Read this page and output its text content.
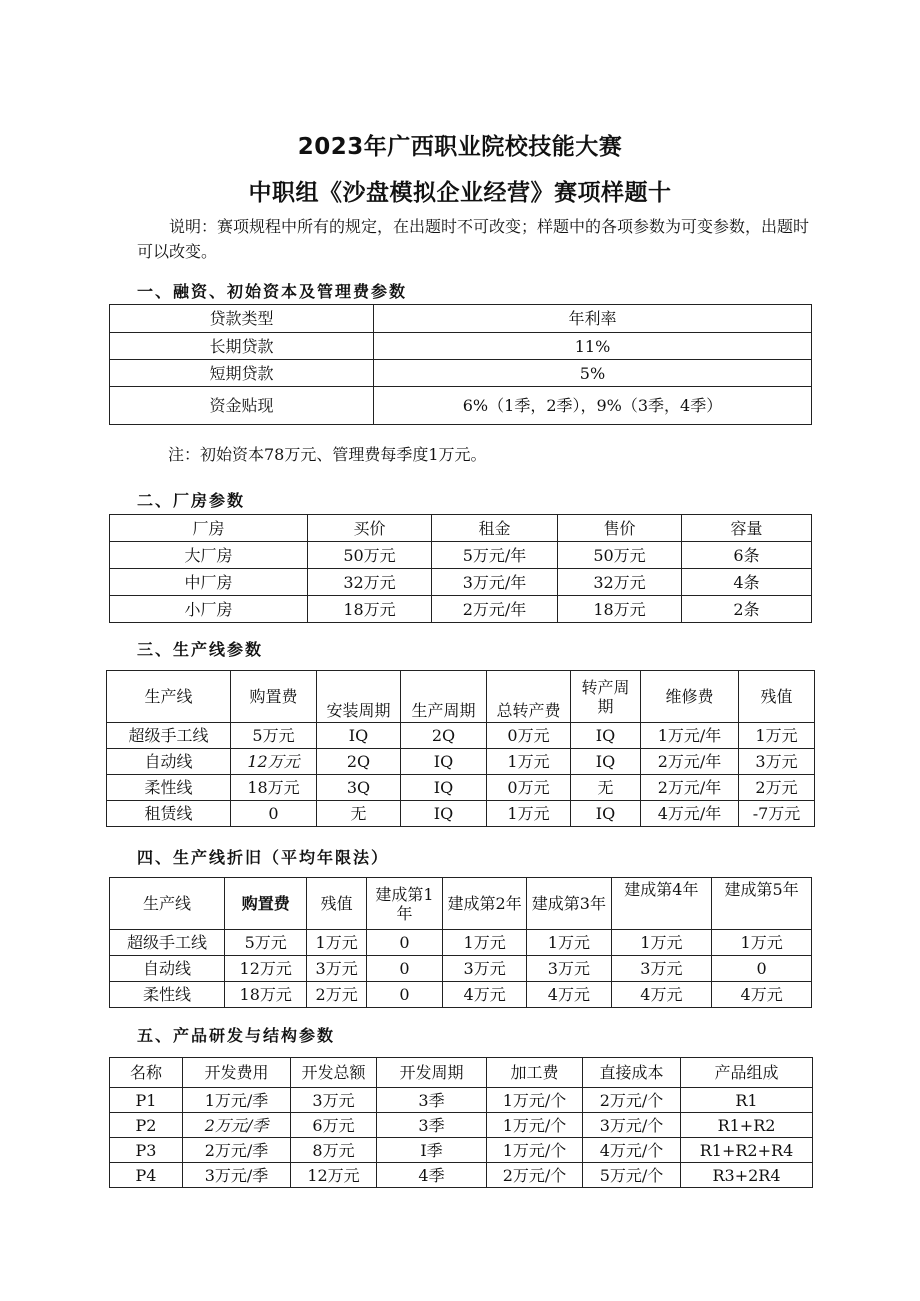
2023年广西职业院校技能大赛
中职组《沙盘模拟企业经营》赛项样题十
说明：赛项规程中所有的规定，在出题时不可改变；样题中的各项参数为可变参数，出题时可以改变。
一、融资、初始资本及管理费参数
贷款类型	年利率
长期贷款	11%
短期贷款	5%
资金贴现	6%（1季，2季），9%（3季，4季）
注：初始资本78万元、管理费每季度1万元。
二、厂房参数
厂房	买价	租金	售价	容量
大厂房	50万元	5万元/年	50万元	6条
中厂房	32万元	3万元/年	32万元	4条
小厂房	18万元	2万元/年	18万元	2条
三、生产线参数
生产线	购置费	安装周期	生产周期	总转产费	转产周期	维修费	残值
超级手工线	5万元	IQ	2Q	0万元	IQ	1万元/年	1万元
自动线	12万元	2Q	IQ	1万元	IQ	2万元/年	3万元
柔性线	18万元	3Q	IQ	0万元	无	2万元/年	2万元
租赁线	0	无	IQ	1万元	IQ	4万元/年	-7万元
四、生产线折旧（平均年限法）
生产线	购置费	残值	建成第1年	建成第2年	建成第3年	建成第4年	建成第5年
超级手工线	5万元	1万元	0	1万元	1万元	1万元	1万元
自动线	12万元	3万元	0	3万元	3万元	3万元	0
柔性线	18万元	2万元	0	4万元	4万元	4万元	4万元
五、产品研发与结构参数
名称	开发费用	开发总额	开发周期	加工费	直接成本	产品组成
P1	1万元/季	3万元	3季	1万元/个	2万元/个	R1
P2	2万元/季	6万元	3季	1万元/个	3万元/个	R1+R2
P3	2万元/季	8万元	I季	1万元/个	4万元/个	R1+R2+R4
P4	3万元/季	12万元	4季	2万元/个	5万元/个	R3+2R4
